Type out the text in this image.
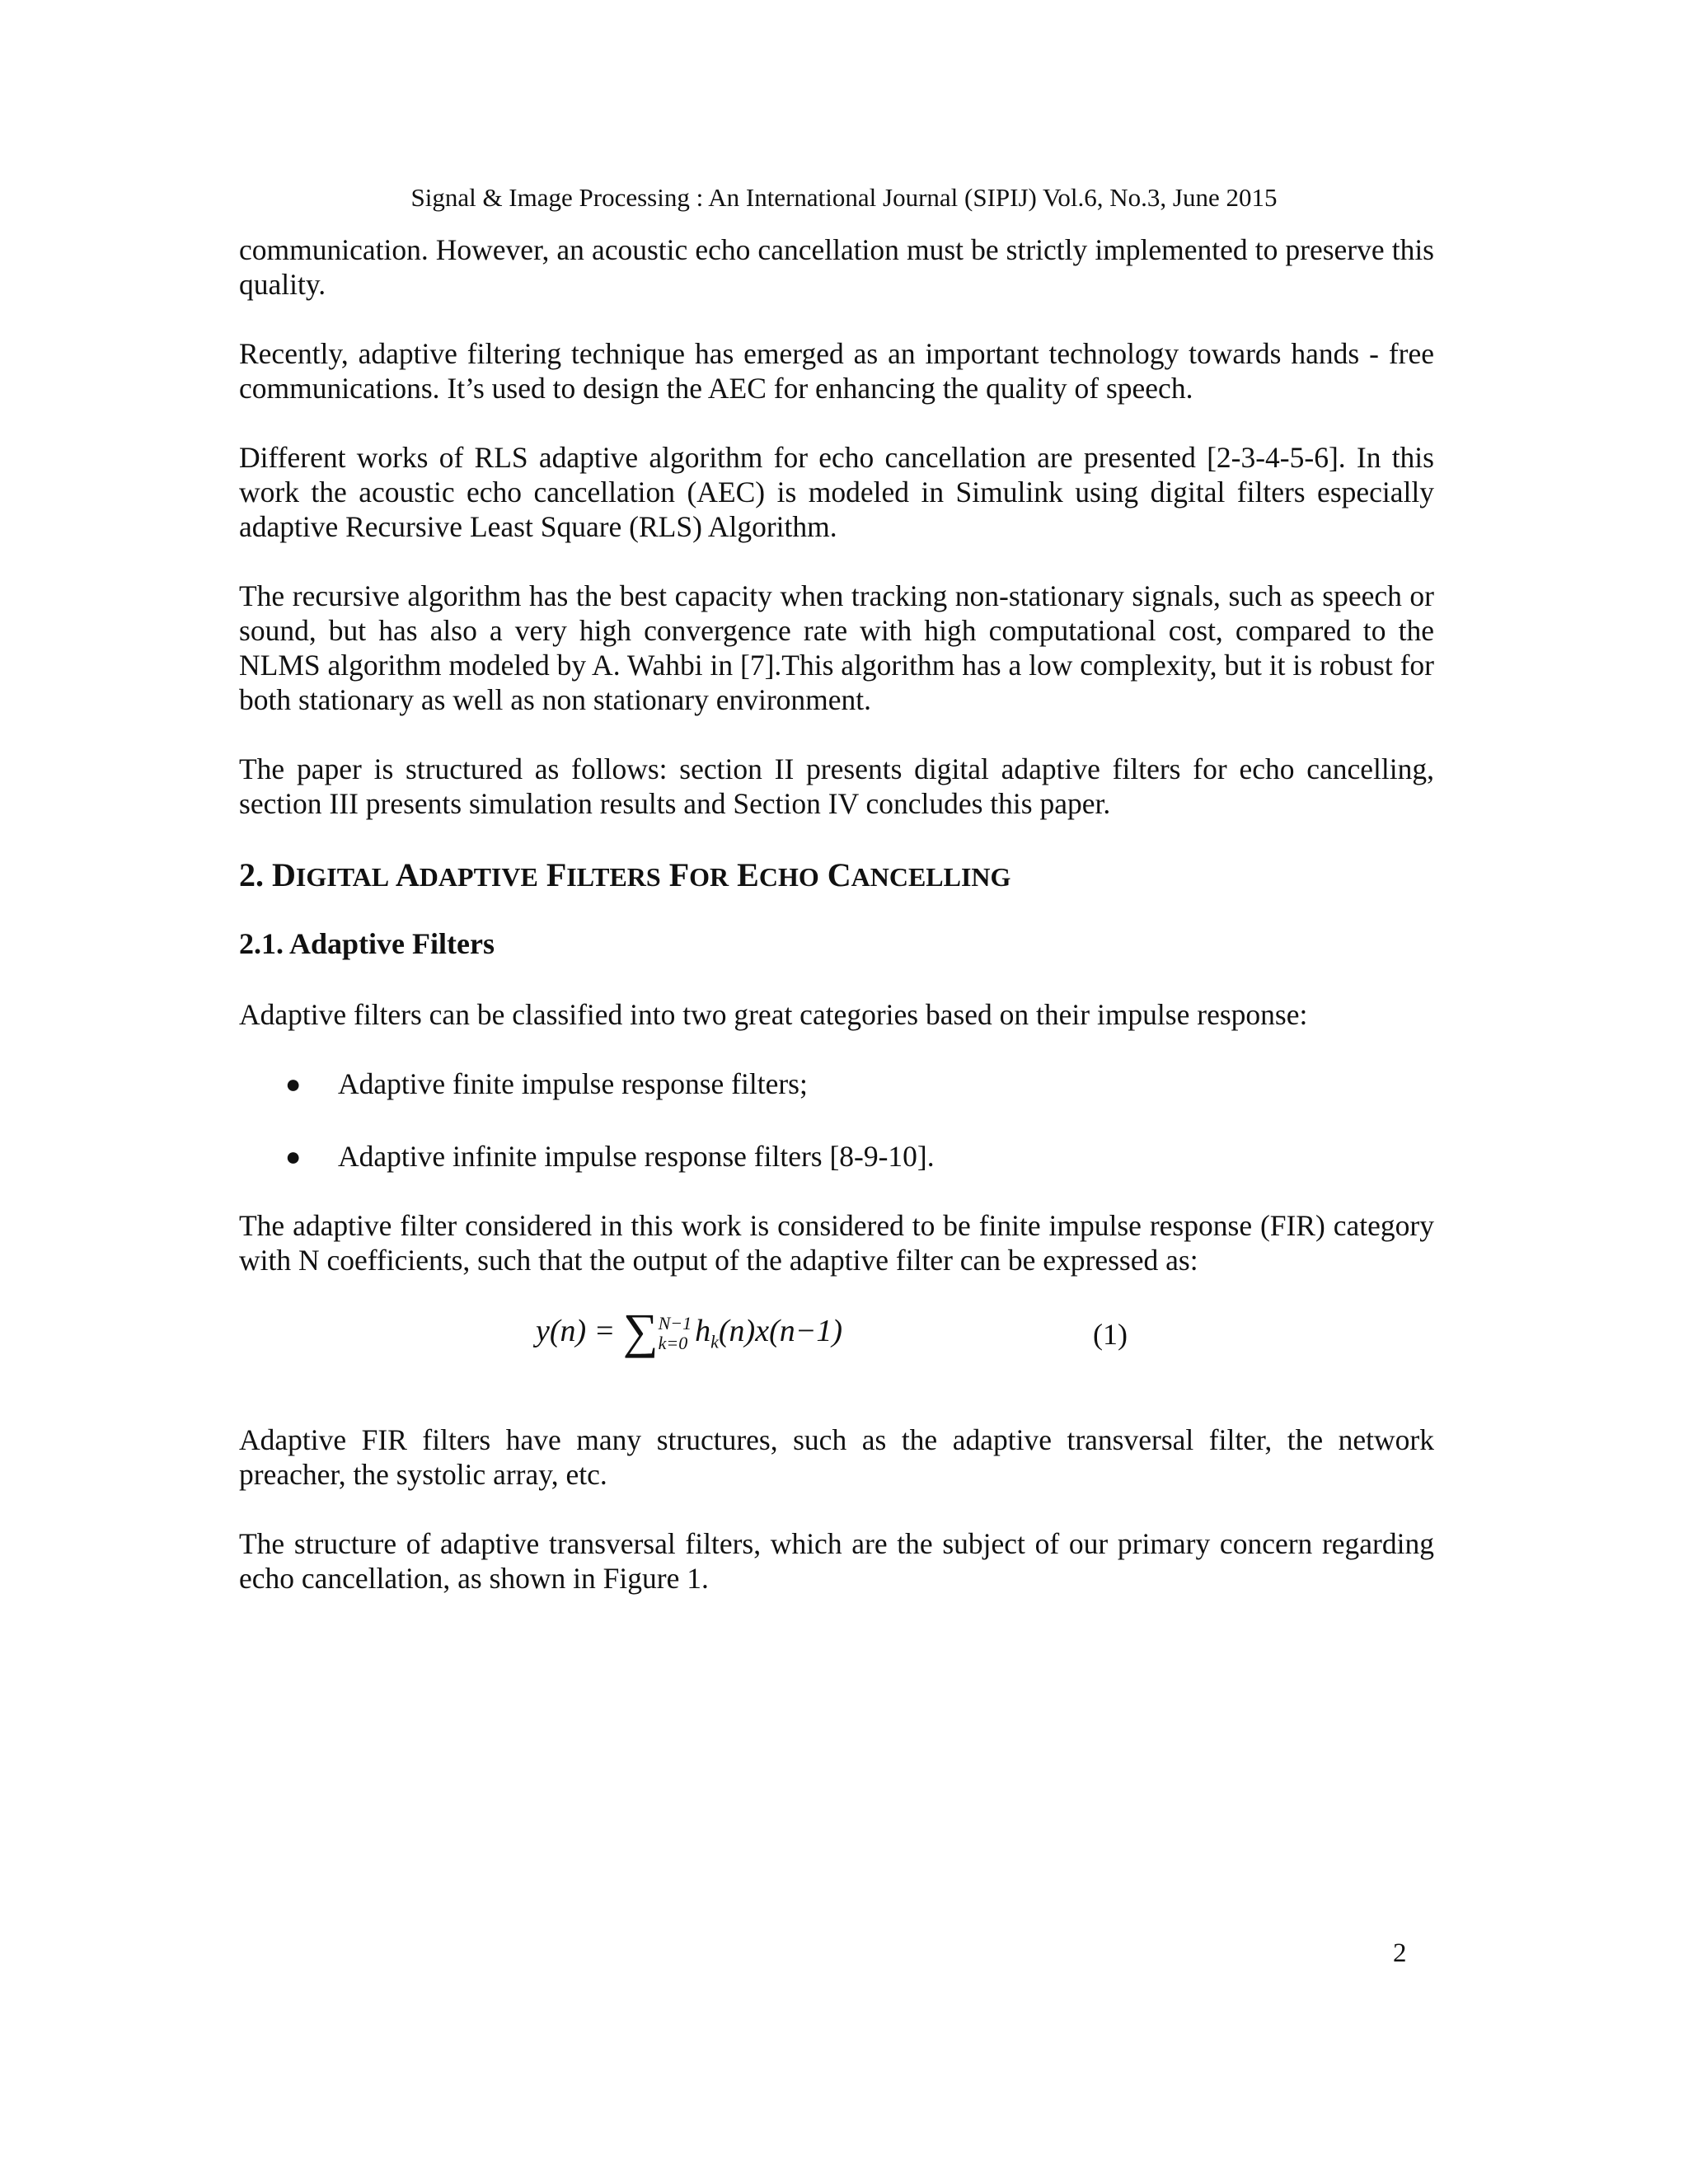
Signal & Image Processing : An International Journal (SIPIJ) Vol.6, No.3, June 2015

communication. However, an acoustic echo cancellation must be strictly implemented to preserve this quality.

Recently, adaptive filtering technique has emerged as an important technology towards hands - free communications. It’s used to design the AEC for enhancing the quality of speech.

Different works of RLS adaptive algorithm for echo cancellation are presented [2-3-4-5-6]. In this work the acoustic echo cancellation (AEC) is modeled in Simulink using digital filters especially adaptive Recursive Least Square (RLS) Algorithm.

The recursive algorithm has the best capacity when tracking non-stationary signals, such as speech or sound, but has also a very high convergence rate with high computational cost, compared to the NLMS algorithm modeled by A. Wahbi in [7].This algorithm has a low complexity, but it is robust for both stationary as well as non stationary environment.

The paper is structured as follows: section II presents digital adaptive filters for echo cancelling, section III presents simulation results and Section IV concludes this paper.

2. DIGITAL ADAPTIVE FILTERS FOR ECHO CANCELLING
2.1. Adaptive Filters

Adaptive filters can be classified into two great categories based on their impulse response:

● Adaptive finite impulse response filters;
● Adaptive infinite impulse response filters [8-9-10].

The adaptive filter considered in this work is considered to be finite impulse response (FIR) category with N coefficients, such that the output of the adaptive filter can be expressed as:

y(n) = ∑ N−1
k=0 $h_k(n)x(n-1)$	(1)

Adaptive FIR filters have many structures, such as the adaptive transversal filter, the network preacher, the systolic array, etc.

The structure of adaptive transversal filters, which are the subject of our primary concern regarding echo cancellation, as shown in Figure 1.

2
